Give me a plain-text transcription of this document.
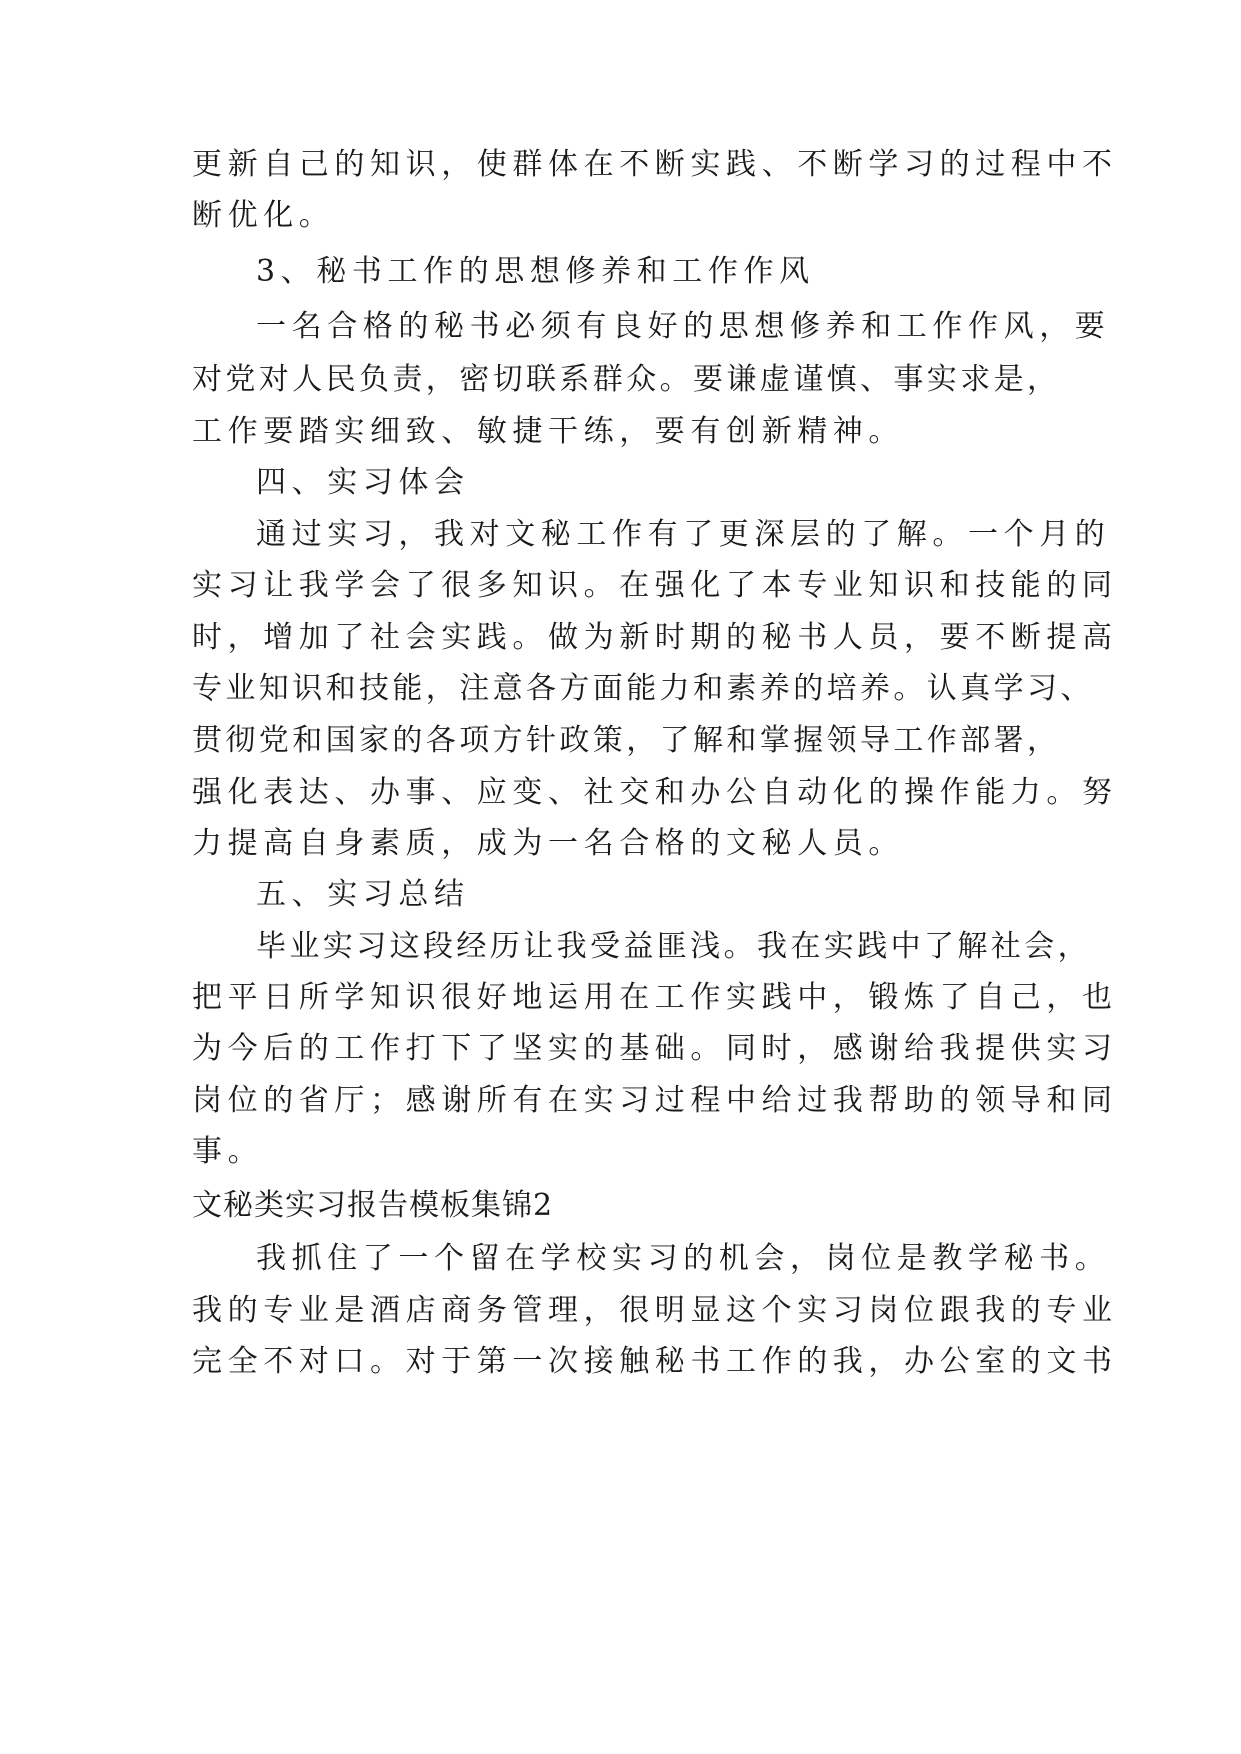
更新自己的知识，使群体在不断实践、不断学习的过程中不
断优化。
3、秘书工作的思想修养和工作作风
一名合格的秘书必须有良好的思想修养和工作作风，要
对党对人民负责，密切联系群众。要谦虚谨慎、事实求是，
工作要踏实细致、敏捷干练，要有创新精神。
四、实习体会
通过实习，我对文秘工作有了更深层的了解。一个月的
实习让我学会了很多知识。在强化了本专业知识和技能的同
时，增加了社会实践。做为新时期的秘书人员，要不断提高
专业知识和技能，注意各方面能力和素养的培养。认真学习、
贯彻党和国家的各项方针政策，了解和掌握领导工作部署，
强化表达、办事、应变、社交和办公自动化的操作能力。努
力提高自身素质，成为一名合格的文秘人员。
五、实习总结
毕业实习这段经历让我受益匪浅。我在实践中了解社会，
把平日所学知识很好地运用在工作实践中，锻炼了自己，也
为今后的工作打下了坚实的基础。同时，感谢给我提供实习
岗位的省厅；感谢所有在实习过程中给过我帮助的领导和同
事。
文秘类实习报告模板集锦2
我抓住了一个留在学校实习的机会，岗位是教学秘书。
我的专业是酒店商务管理，很明显这个实习岗位跟我的专业
完全不对口。对于第一次接触秘书工作的我，办公室的文书
